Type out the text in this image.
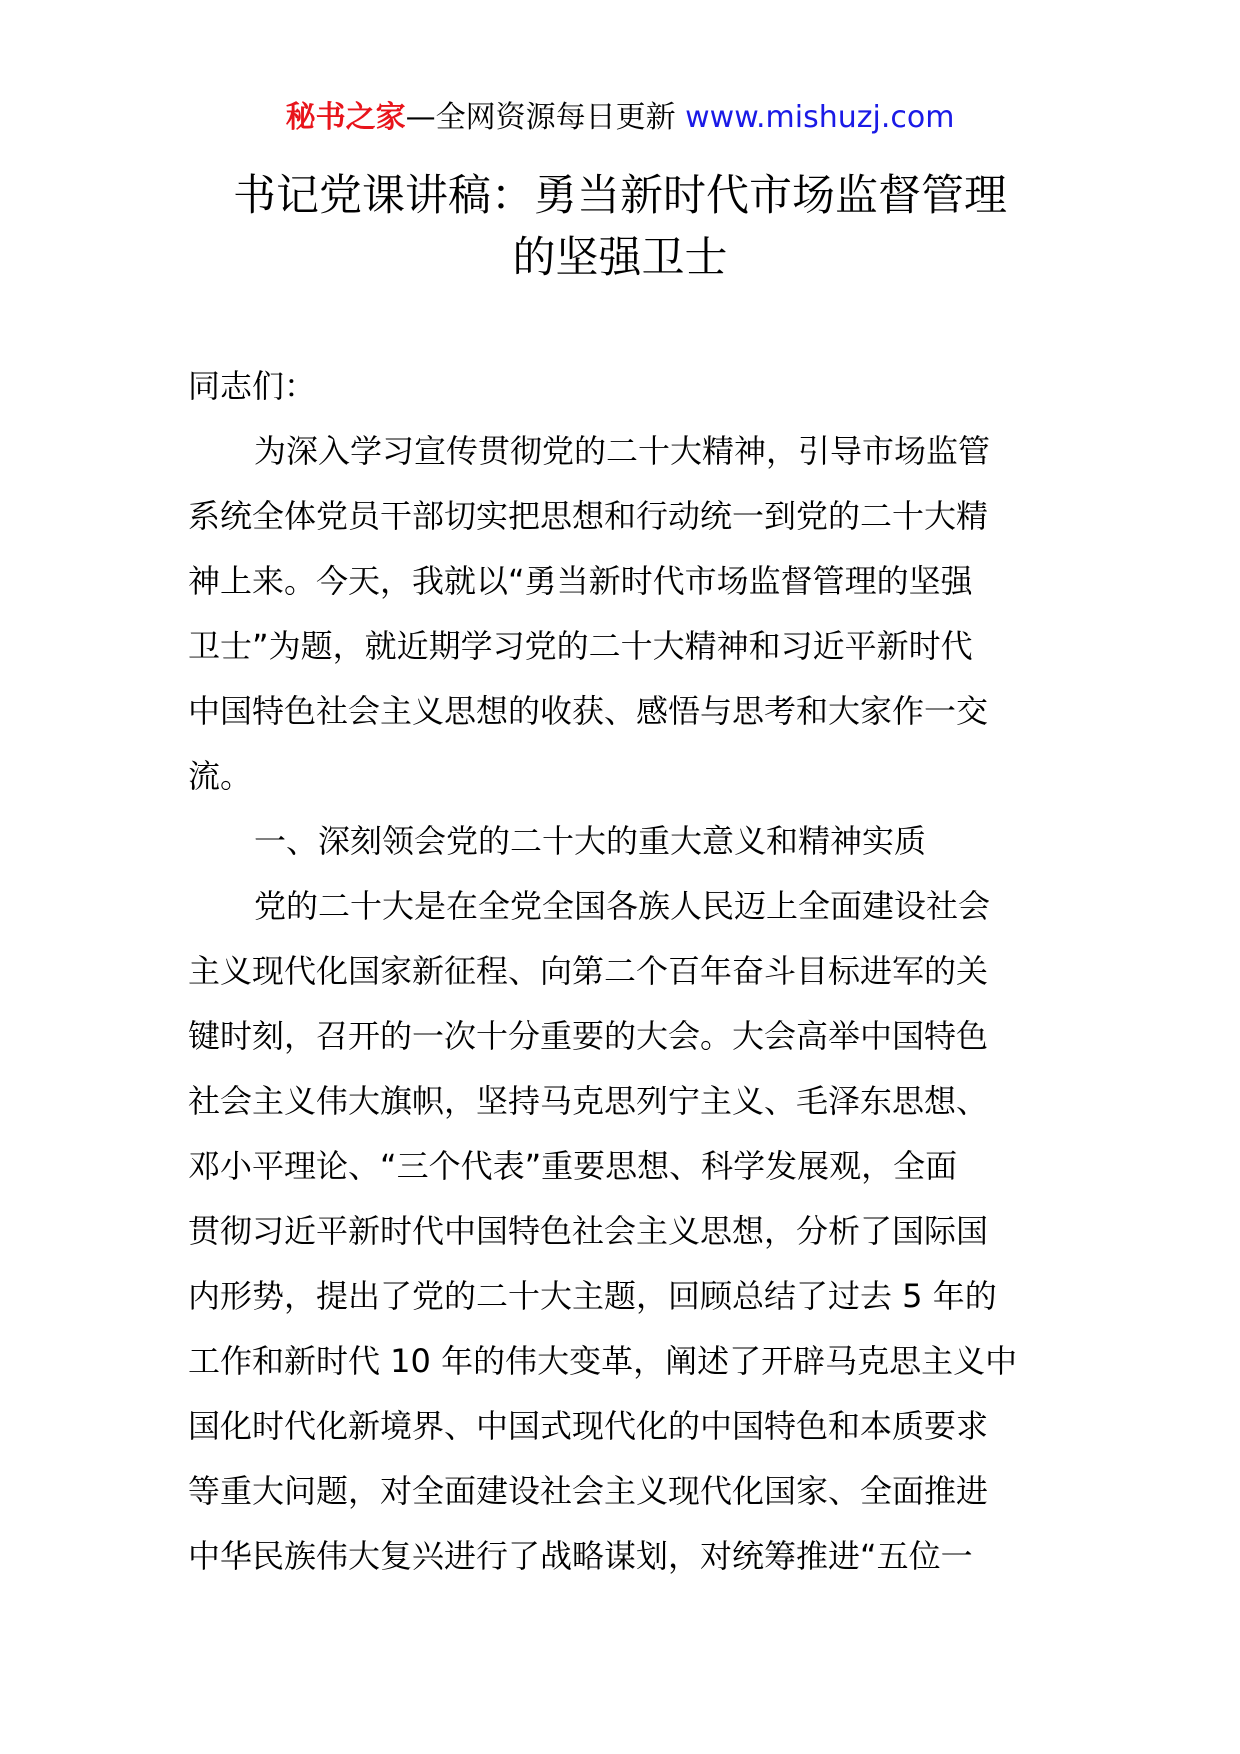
秘书之家—全网资源每日更新 www.mishuzj.com
书记党课讲稿：勇当新时代市场监督管理
的坚强卫士
同志们：
为深入学习宣传贯彻党的二十大精神，引导市场监管
系统全体党员干部切实把思想和行动统一到党的二十大精
神上来。今天，我就以“勇当新时代市场监督管理的坚强
卫士”为题，就近期学习党的二十大精神和习近平新时代
中国特色社会主义思想的收获、感悟与思考和大家作一交
流。
一、深刻领会党的二十大的重大意义和精神实质
党的二十大是在全党全国各族人民迈上全面建设社会
主义现代化国家新征程、向第二个百年奋斗目标进军的关
键时刻，召开的一次十分重要的大会。大会高举中国特色
社会主义伟大旗帜，坚持马克思列宁主义、毛泽东思想、
邓小平理论、“三个代表”重要思想、科学发展观，全面
贯彻习近平新时代中国特色社会主义思想，分析了国际国
内形势，提出了党的二十大主题，回顾总结了过去 5 年的
工作和新时代 10 年的伟大变革，阐述了开辟马克思主义中
国化时代化新境界、中国式现代化的中国特色和本质要求
等重大问题，对全面建设社会主义现代化国家、全面推进
中华民族伟大复兴进行了战略谋划，对统筹推进“五位一
